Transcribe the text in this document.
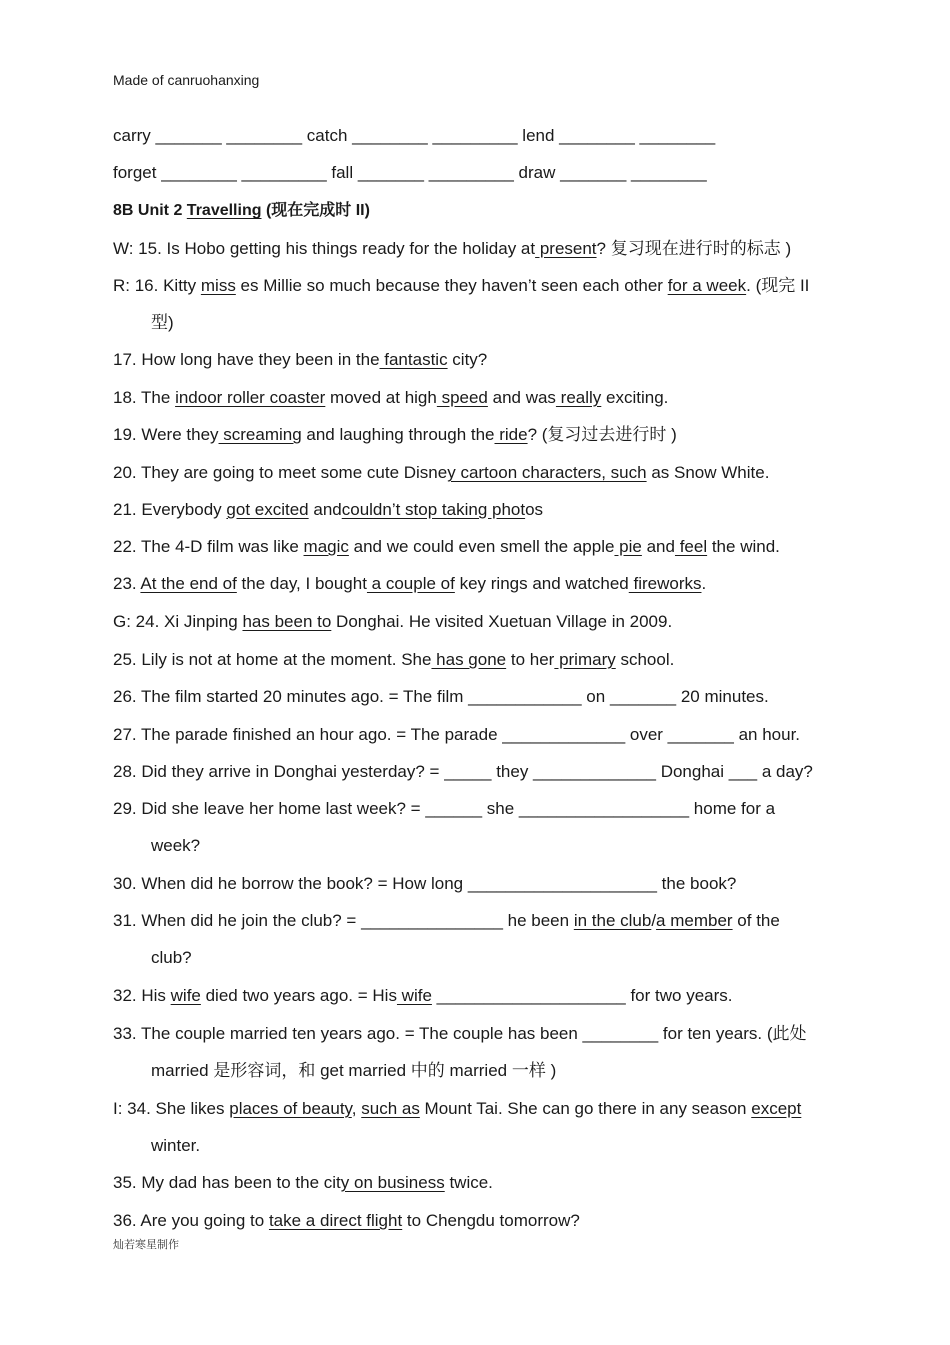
Made of canruohanxing
carry _______ ________ catch ________ _________ lend ________ ________
forget ________ _________ fall _______ _________ draw _______ ________
8B Unit 2 Travelling (现在完成时 II)
W: 15. Is Hobo getting his things ready for the holiday at present? 复习现在进行时的标志 )
R: 16. Kitty miss es Millie so much because they haven’t seen each other for a week. (现完 II
型)
17. How long have they been in the fantastic city?
18. The indoor roller coaster moved at high speed and was really exciting.
19. Were they screaming and laughing through the ride? (复习过去进行时 )
20. They are going to meet some cute Disney cartoon characters, such as Snow White.
21. Everybody got excited andcouldn’t stop taking photos
22. The 4-D film was like magic and we could even smell the apple pie and feel the wind.
23. At the end of the day, I bought a couple of key rings and watched fireworks.
G: 24. Xi Jinping has been to Donghai. He visited Xuetuan Village in 2009.
25. Lily is not at home at the moment. She has gone to her primary school.
26. The film started 20 minutes ago. = The film ____________ on _______ 20 minutes.
27. The parade finished an hour ago. = The parade _____________ over _______ an hour.
28. Did they arrive in Donghai yesterday? = _____ they _____________ Donghai ___ a day?
29. Did she leave her home last week? = ______ she __________________ home for a
week?
30. When did he borrow the book? = How long ____________________ the book?
31. When did he join the club? = _______________ he been in the club/a member of the
club?
32. His wife died two years ago. = His wife ____________________ for two years.
33. The couple married ten years ago. = The couple has been ________ for ten years. (此处
married 是形容词，和 get married 中的 married 一样 )
I: 34. She likes places of beauty, such as Mount Tai. She can go there in any season except
winter.
35. My dad has been to the city on business twice.
36. Are you going to take a direct flight to Chengdu tomorrow?
灿若寒星制作
